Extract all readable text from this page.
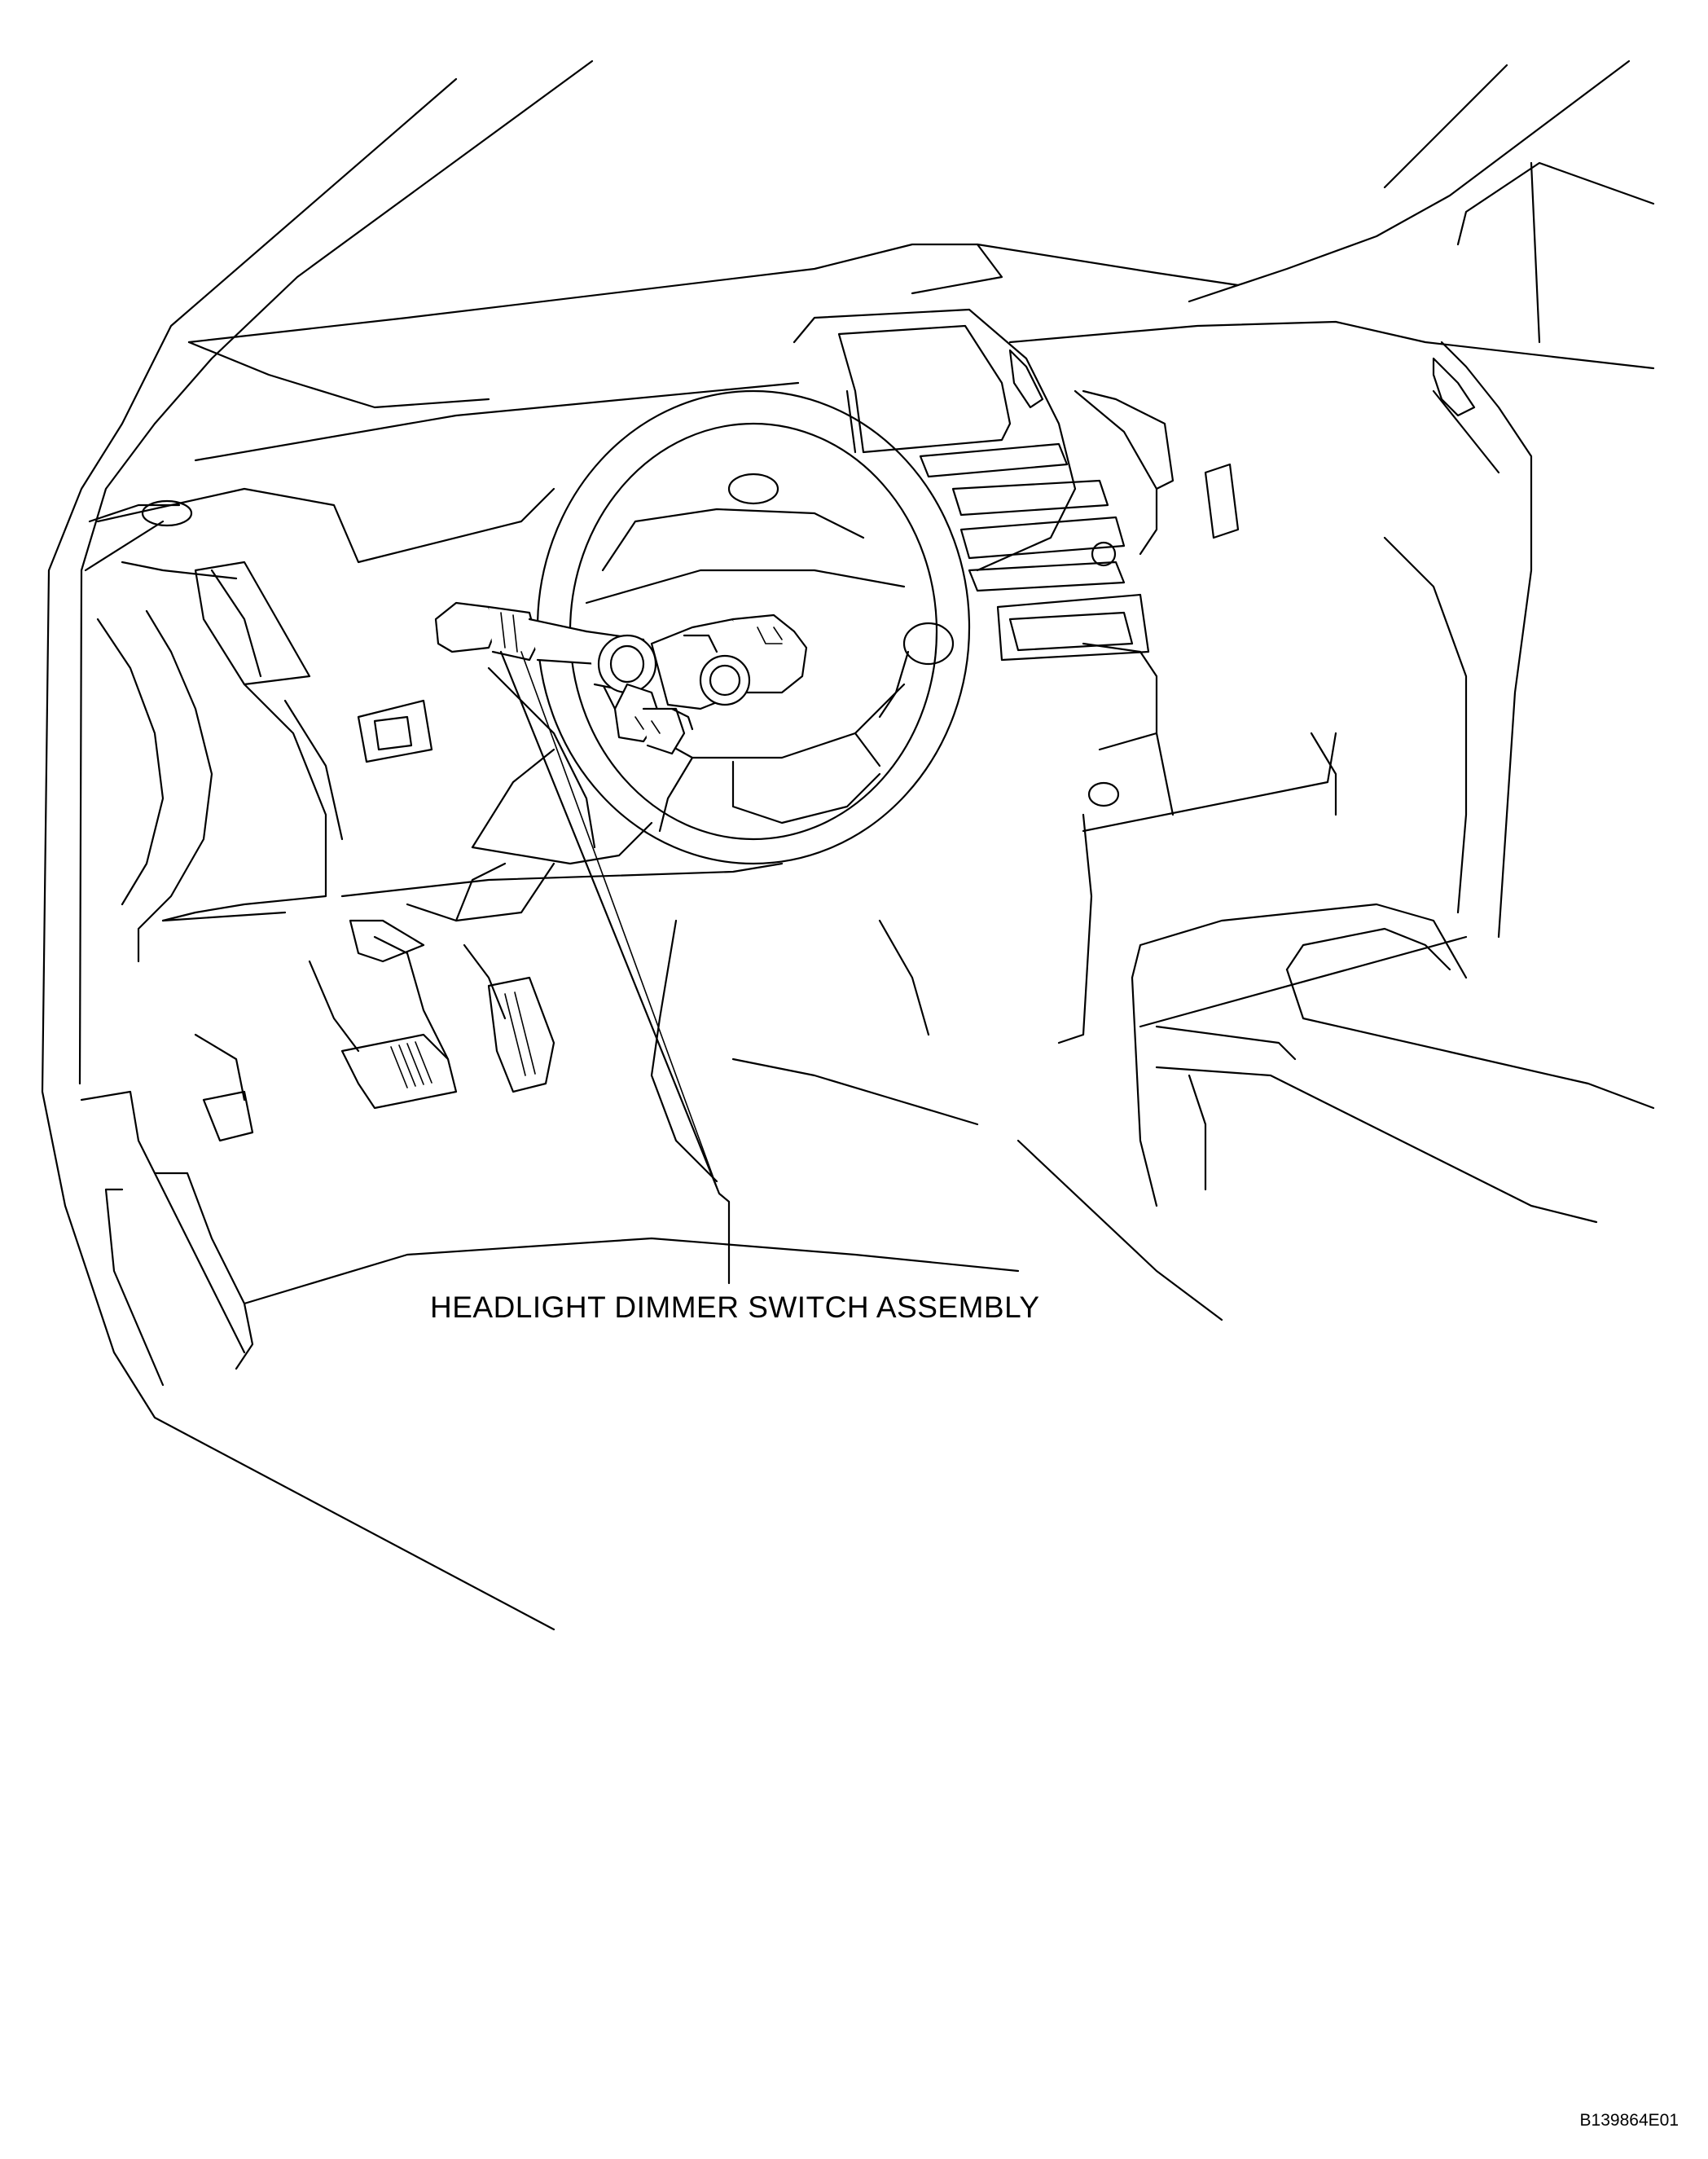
HEADLIGHT DIMMER SWITCH ASSEMBLY
B139864E01
